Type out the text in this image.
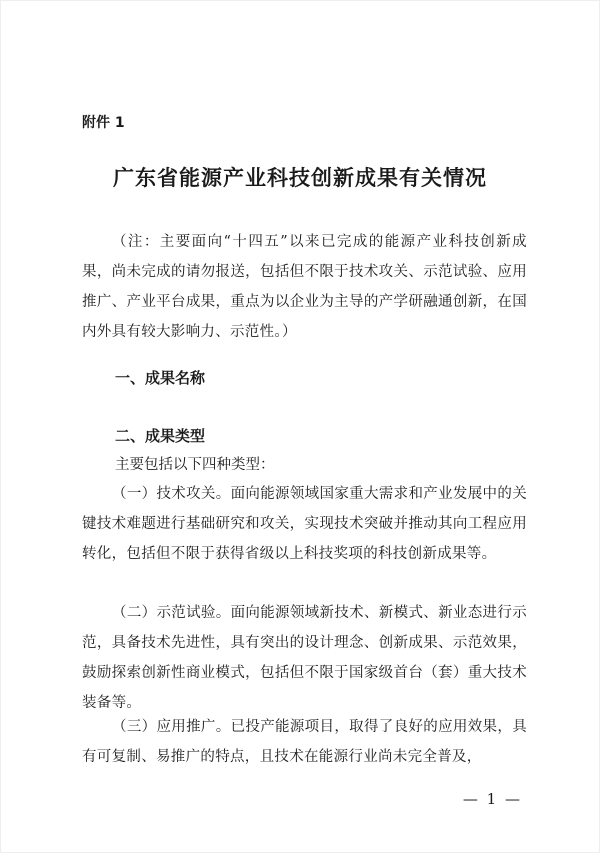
附件 1
广东省能源产业科技创新成果有关情况
（注：主要面向“十四五”以来已完成的能源产业科技创新成果，尚未完成的请勿报送，包括但不限于技术攻关、示范试验、应用推广、产业平台成果，重点为以企业为主导的产学研融通创新，在国内外具有较大影响力、示范性。）
一、成果名称
二、成果类型
主要包括以下四种类型：
（一）技术攻关。面向能源领域国家重大需求和产业发展中的关键技术难题进行基础研究和攻关，实现技术突破并推动其向工程应用转化，包括但不限于获得省级以上科技奖项的科技创新成果等。
（二）示范试验。面向能源领域新技术、新模式、新业态进行示范，具备技术先进性，具有突出的设计理念、创新成果、示范效果，鼓励探索创新性商业模式，包括但不限于国家级首台（套）重大技术装备等。
（三）应用推广。已投产能源项目，取得了良好的应用效果，具有可复制、易推广的特点，且技术在能源行业尚未完全普及，
— 1 —
